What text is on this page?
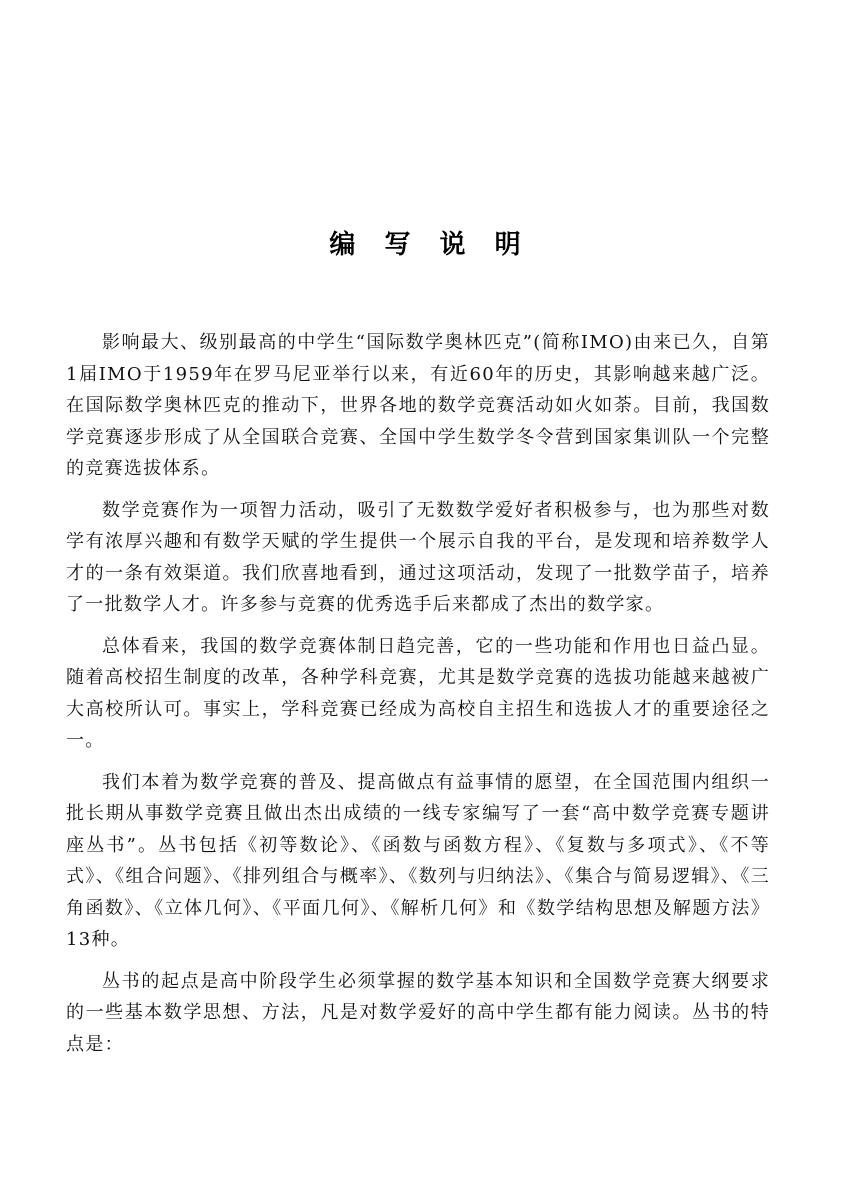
编 写 说 明

影响最大、级别最高的中学生“国际数学奥林匹克”(简称IMO)由来已久，自第1届IMO于1959年在罗马尼亚举行以来，有近60年的历史，其影响越来越广泛。在国际数学奥林匹克的推动下，世界各地的数学竞赛活动如火如荼。目前，我国数学竞赛逐步形成了从全国联合竞赛、全国中学生数学冬令营到国家集训队一个完整的竞赛选拔体系。

数学竞赛作为一项智力活动，吸引了无数数学爱好者积极参与，也为那些对数学有浓厚兴趣和有数学天赋的学生提供一个展示自我的平台，是发现和培养数学人才的一条有效渠道。我们欣喜地看到，通过这项活动，发现了一批数学苗子，培养了一批数学人才。许多参与竞赛的优秀选手后来都成了杰出的数学家。

总体看来，我国的数学竞赛体制日趋完善，它的一些功能和作用也日益凸显。随着高校招生制度的改革，各种学科竞赛，尤其是数学竞赛的选拔功能越来越被广大高校所认可。事实上，学科竞赛已经成为高校自主招生和选拔人才的重要途径之一。

我们本着为数学竞赛的普及、提高做点有益事情的愿望，在全国范围内组织一批长期从事数学竞赛且做出杰出成绩的一线专家编写了一套“高中数学竞赛专题讲座丛书”。丛书包括《初等数论》、《函数与函数方程》、《复数与多项式》、《不等式》、《组合问题》、《排列组合与概率》、《数列与归纳法》、《集合与简易逻辑》、《三角函数》、《立体几何》、《平面几何》、《解析几何》和《数学结构思想及解题方法》13种。

丛书的起点是高中阶段学生必须掌握的数学基本知识和全国数学竞赛大纲要求的一些基本数学思想、方法，凡是对数学爱好的高中学生都有能力阅读。丛书的特点是：
